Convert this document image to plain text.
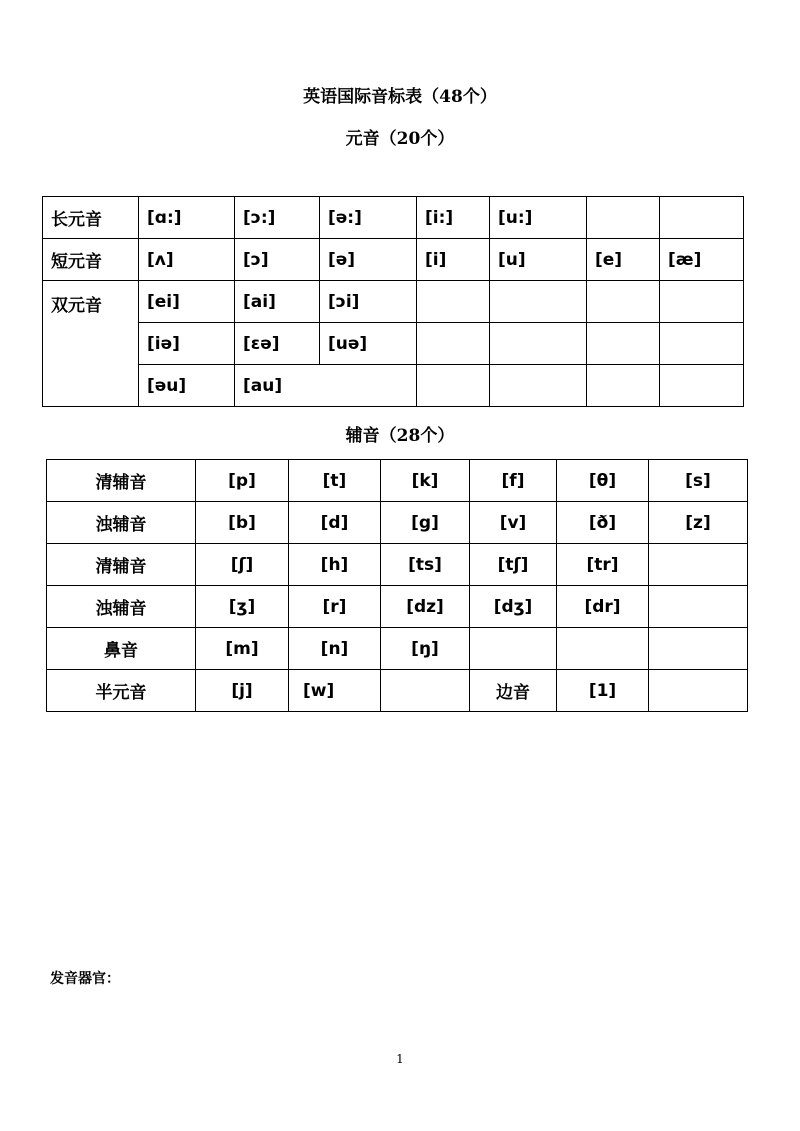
英语国际音标表（48个）
元音（20个）
长元音	[ɑ:]	[ɔ:]	[ə:]	[i:]	[u:]		
短元音	[ʌ]	[ɔ]	[ə]	[i]	[u]	[e]	[æ]
双元音	[ei]	[ai]	[ɔi]				
	[iə]	[ɛə]	[uə]				
	[əu]	[au]					
辅音（28个）
清辅音	[p]	[t]	[k]	[f]	[θ]	[s]
浊辅音	[b]	[d]	[g]	[v]	[ð]	[z]
清辅音	[ʃ]	[h]	[ts]	[tʃ]	[tr]	
浊辅音	[ʒ]	[r]	[dz]	[dʒ]	[dr]	
鼻音	[m]	[n]	[ŋ]			
半元音	[j]	[w]		边音	[1]	
发音器官：
1
